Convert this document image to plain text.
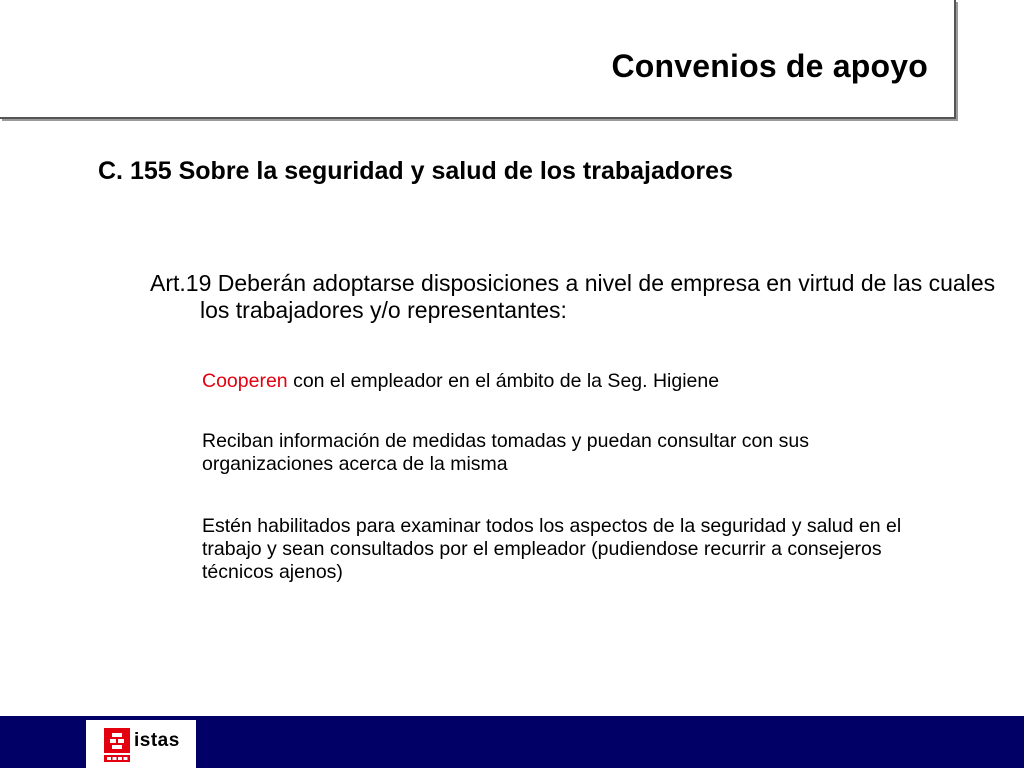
Convenios de apoyo
C. 155 Sobre la seguridad y salud de los trabajadores

Art.19 Deberán adoptarse disposiciones a nivel de empresa en virtud de las cuales los trabajadores y/o representantes:

Cooperen con el empleador en el ámbito de la Seg. Higiene

Reciban información de medidas tomadas y puedan consultar con sus organizaciones acerca de la misma

Estén habilitados para examinar todos los aspectos de la seguridad y salud en el trabajo y sean consultados por el empleador (pudiendose recurrir a consejeros técnicos ajenos)

istas
